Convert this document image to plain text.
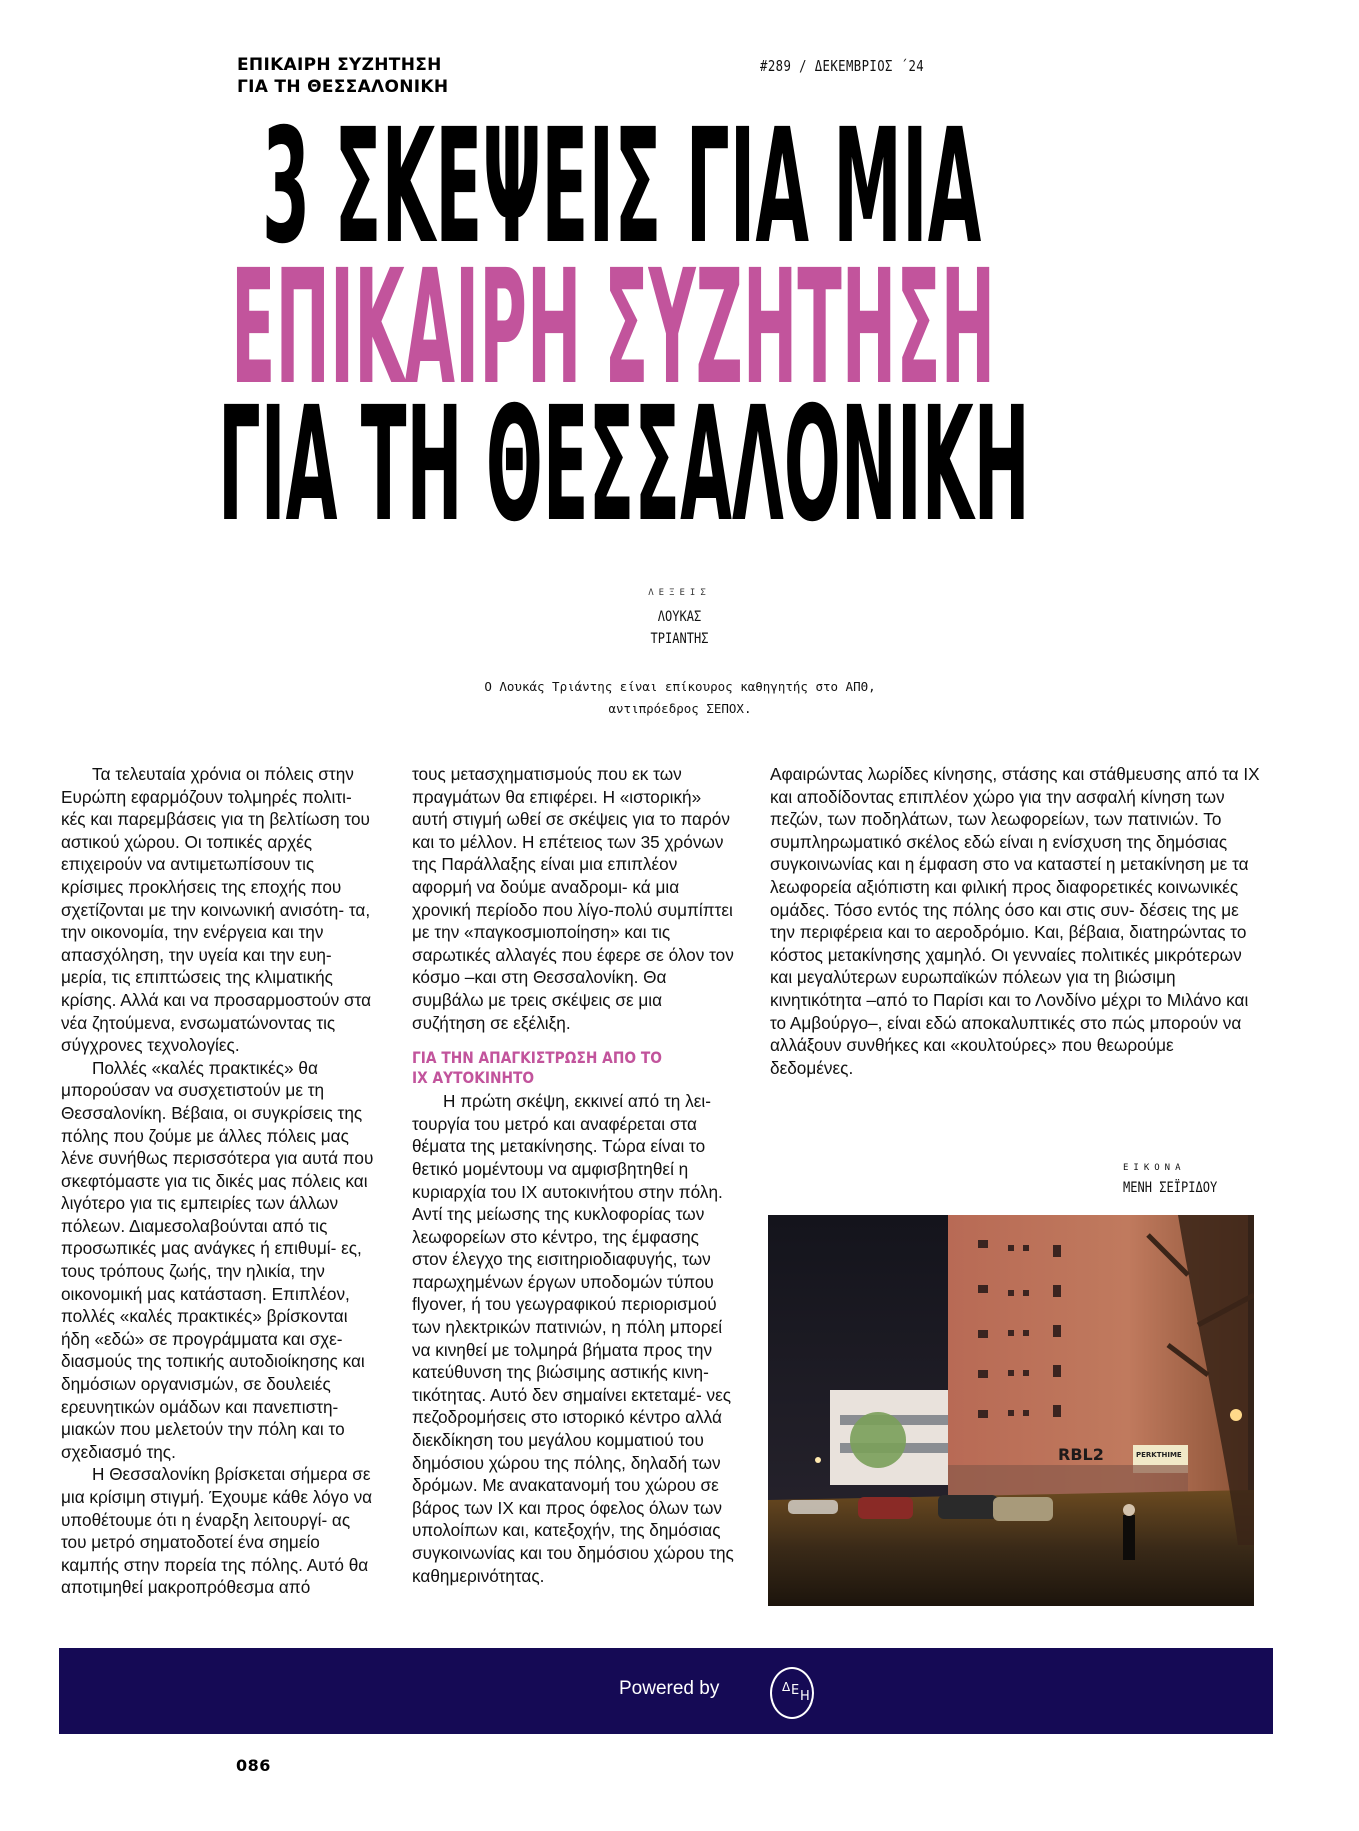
ΕΠΙΚΑΙΡΗ ΣΥΖΗΤΗΣΗ
ΓΙΑ ΤΗ ΘΕΣΣΑΛΟΝΙΚΗ
#289 / ΔΕΚΕΜΒΡΙΟΣ ΄24
3 ΣΚΕΨΕΙΣ ΓΙΑ ΜΙΑ
ΕΠΙΚΑΙΡΗ ΣΥΖΗΤΗΣΗ
ΓΙΑ ΤΗ ΘΕΣΣΑΛΟΝΙΚΗ
ΛΕΞΕΙΣ
ΛΟΥΚΑΣ
ΤΡΙΑΝΤΗΣ
Ο Λουκάς Τριάντης είναι επίκουρος καθηγητής στο ΑΠΘ,
αντιπρόεδρος ΣΕΠΟΧ.

Τα τελευταία χρόνια οι πόλεις στην Ευρώπη εφαρμόζουν τολμηρές πολιτι- κές και παρεμβάσεις για τη βελτίωση του αστικού χώρου. Οι τοπικές αρχές επιχειρούν να αντιμετωπίσουν τις κρίσιμες προκλήσεις της εποχής που σχετίζονται με την κοινωνική ανισότη- τα, την οικονομία, την ενέργεια και την απασχόληση, την υγεία και την ευη- μερία, τις επιπτώσεις της κλιματικής κρίσης. Αλλά και να προσαρμοστούν στα νέα ζητούμενα, ενσωματώνοντας τις σύγχρονες τεχνολογίες.

Πολλές «καλές πρακτικές» θα μπορούσαν να συσχετιστούν με τη Θεσσαλονίκη. Βέβαια, οι συγκρίσεις της πόλης που ζούμε με άλλες πόλεις μας λένε συνήθως περισσότερα για αυτά που σκεφτόμαστε για τις δικές μας πόλεις και λιγότερο για τις εμπειρίες των άλλων πόλεων. Διαμεσολαβούνται από τις προσωπικές μας ανάγκες ή επιθυμί- ες, τους τρόπους ζωής, την ηλικία, την οικονομική μας κατάσταση. Επιπλέον, πολλές «καλές πρακτικές» βρίσκονται ήδη «εδώ» σε προγράμματα και σχε- διασμούς της τοπικής αυτοδιοίκησης και δημόσιων οργανισμών, σε δουλειές ερευνητικών ομάδων και πανεπιστη- μιακών που μελετούν την πόλη και το σχεδιασμό της.

Η Θεσσαλονίκη βρίσκεται σήμερα σε μια κρίσιμη στιγμή. Έχουμε κάθε λόγο να υποθέτουμε ότι η έναρξη λειτουργί- ας του μετρό σηματοδοτεί ένα σημείο καμπής στην πορεία της πόλης. Αυτό θα αποτιμηθεί μακροπρόθεσμα από

τους μετασχηματισμούς που εκ των πραγμάτων θα επιφέρει. Η «ιστορική» αυτή στιγμή ωθεί σε σκέψεις για το παρόν και το μέλλον. Η επέτειος των 35 χρόνων της Παράλλαξης είναι μια επιπλέον αφορμή να δούμε αναδρομι- κά μια χρονική περίοδο που λίγο-πολύ συμπίπτει με την «παγκοσμιοποίηση» και τις σαρωτικές αλλαγές που έφερε σε όλον τον κόσμο –και στη Θεσσαλονίκη. Θα συμβάλω με τρεις σκέψεις σε μια συζήτηση σε εξέλιξη.

ΓΙΑ ΤΗΝ ΑΠΑΓΚΙΣΤΡΩΣΗ ΑΠΟ ΤΟ
ΙΧ ΑΥΤΟΚΙΝΗΤΟ

Η πρώτη σκέψη, εκκινεί από τη λει- τουργία του μετρό και αναφέρεται στα θέματα της μετακίνησης. Τώρα είναι το θετικό μομέντουμ να αμφισβητηθεί η κυριαρχία του ΙΧ αυτοκινήτου στην πόλη. Αντί της μείωσης της κυκλοφορίας των λεωφορείων στο κέντρο, της έμφασης στον έλεγχο της εισιτηριοδιαφυγής, των παρωχημένων έργων υποδομών τύπου flyover, ή του γεωγραφικού περιορισμού των ηλεκτρικών πατινιών, η πόλη μπορεί να κινηθεί με τολμηρά βήματα προς την κατεύθυνση της βιώσιμης αστικής κινη- τικότητας. Αυτό δεν σημαίνει εκτεταμέ- νες πεζοδρομήσεις στο ιστορικό κέντρο αλλά διεκδίκηση του μεγάλου κομματιού του δημόσιου χώρου της πόλης, δηλαδή των δρόμων. Με ανακατανομή του χώρου σε βάρος των ΙΧ και προς όφελος όλων των υπολοίπων και, κατεξοχήν, της δημόσιας συγκοινωνίας και του δημόσιου χώρου της καθημερινότητας.

Αφαιρώντας λωρίδες κίνησης, στάσης και στάθμευσης από τα ΙΧ και αποδίδοντας επιπλέον χώρο για την ασφαλή κίνηση των πεζών, των ποδηλάτων, των λεωφορείων, των πατινιών. Το συμπληρωματικό σκέλος εδώ είναι η ενίσχυση της δημόσιας συγκοινωνίας και η έμφαση στο να καταστεί η μετακίνηση με τα λεωφορεία αξιόπιστη και φιλική προς διαφορετικές κοινωνικές ομάδες. Τόσο εντός της πόλης όσο και στις συν- δέσεις της με την περιφέρεια και το αεροδρόμιο. Και, βέβαια, διατηρώντας το κόστος μετακίνησης χαμηλό. Οι γενναίες πολιτικές μικρότερων και μεγαλύτερων ευρωπαϊκών πόλεων για τη βιώσιμη κινητικότητα –από το Παρίσι και το Λονδίνο μέχρι το Μιλάνο και το Αμβούργο–, είναι εδώ αποκαλυπτικές στο πώς μπορούν να αλλάξουν συνθήκες και «κουλτούρες» που θεωρούμε δεδομένες.

ΕΙΚΟΝΑ
ΜΕΝΗ ΣΕΪΡΙΔΟΥ
RBL2	PERKTHIME
Powered by	Δ Ε Η
086
